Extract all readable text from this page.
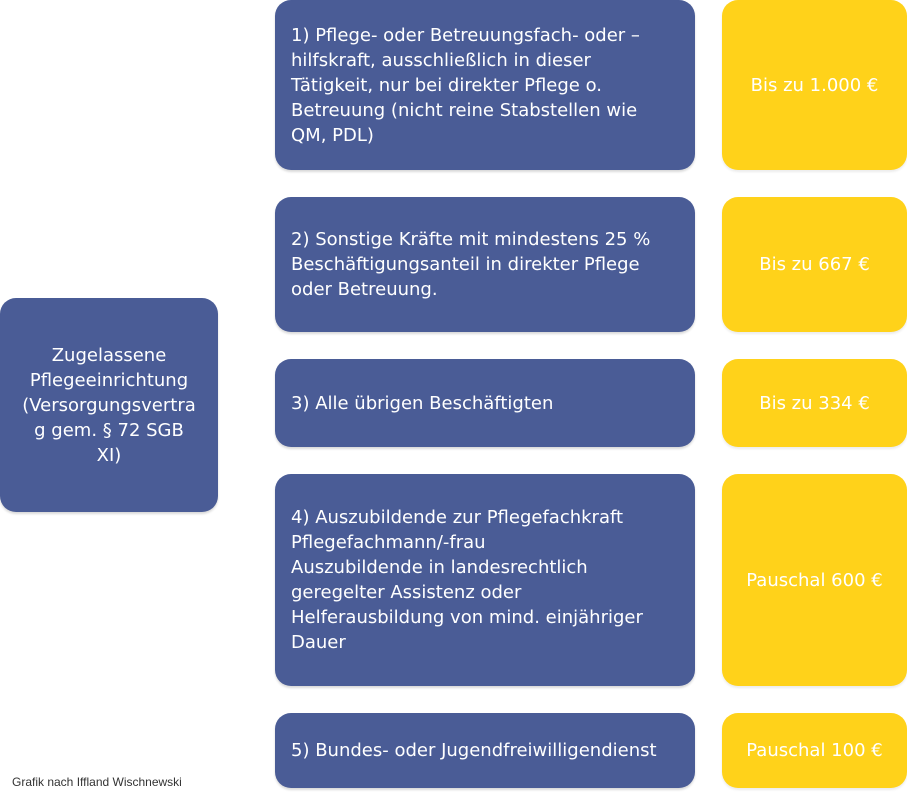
Zugelassene
Pflegeeinrichtung
(Versorgungsvertra
g gem. § 72 SGB
XI)
1) Pflege- oder Betreuungsfach- oder –
hilfskraft, ausschließlich in dieser
Tätigkeit, nur bei direkter Pflege o.
Betreuung (nicht reine Stabstellen wie
QM, PDL)
Bis zu 1.000 €
2) Sonstige Kräfte mit mindestens 25 %
Beschäftigungsanteil in direkter Pflege
oder Betreuung.
Bis zu 667 €
3) Alle übrigen Beschäftigten	Bis zu 334 €
4) Auszubildende zur Pflegefachkraft
Pflegefachmann/-frau
Auszubildende in landesrechtlich
geregelter Assistenz oder
Helferausbildung von mind. einjähriger
Dauer
Pauschal 600 €
5) Bundes- oder Jugendfreiwilligendienst	Pauschal 100 €
Grafik nach Iffland Wischnewski
